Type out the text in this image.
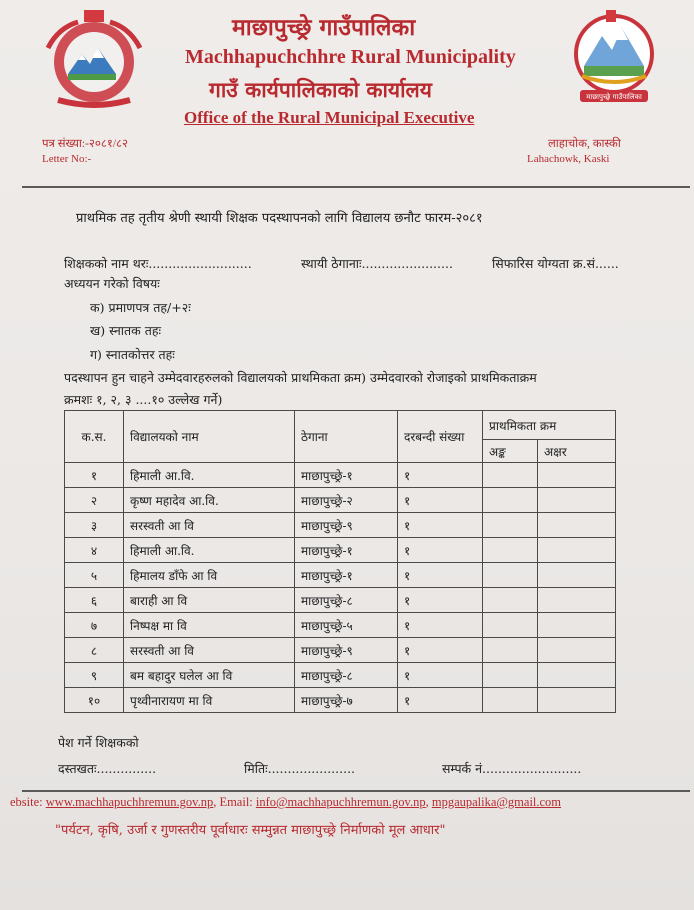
माछापुच्छ्रे गाउँपालिका
माछापुच्छ्रे गाउँपालिका
Machhapuchchhre Rural Municipality
गाउँ कार्यपालिकाको कार्यालय
Office of the Rural Municipal Executive
पत्र संख्या:-२०८१/८२
Letter No:-
लाहाचोक, कास्की
Lahachowk, Kaski
प्राथमिक तह तृतीय श्रेणी स्थायी शिक्षक पदस्थापनको लागि विद्यालय छनौट फारम-२०८१
शिक्षकको नाम थरः..........................	स्थायी ठेगानाः.......................	सिफारिस योग्यता क्र.सं......
अध्ययन गरेको विषयः
क) प्रमाणपत्र तह/+२ः
ख) स्नातक तहः
ग) स्नातकोत्तर तहः
पदस्थापन हुन चाहने उम्मेदवारहरुलको विद्यालयको प्राथमिकता क्रम) उम्मेदवारको रोजाइको प्राथमिकताक्रम
क्रमशः १, २, ३ ....१० उल्लेख गर्ने)
क.स.	विद्यालयको नाम	ठेगाना	दरबन्दी संख्या	प्राथमिकता क्रम	
				अङ्क	अक्षर
१	हिमाली आ.वि.	माछापुच्छ्रे-१	१		
२	कृष्ण महादेव आ.वि.	माछापुच्छ्रे-२	१		
३	सरस्वती आ वि	माछापुच्छ्रे-९	१		
४	हिमाली आ.वि.	माछापुच्छ्रे-१	१		
५	हिमालय डाँफे आ वि	माछापुच्छ्रे-१	१		
६	बाराही आ वि	माछापुच्छ्रे-८	१		
७	निष्पक्ष मा वि	माछापुच्छ्रे-५	१		
८	सरस्वती आ वि	माछापुच्छ्रे-९	१		
९	बम बहादुर घलेल आ वि	माछापुच्छ्रे-८	१		
१०	पृथ्वीनारायण मा वि	माछापुच्छ्रे-७	१		
पेश गर्ने शिक्षकको
दस्तखतः...............	मितिः......................	सम्पर्क नं.........................
ebsite: www.machhapuchhremun.gov.np, Email: info@machhapuchhremun.gov.np, mpgaupalika@gmail.com
"पर्यटन, कृषि, उर्जा र गुणस्तरीय पूर्वाधारः सम्मुन्नत माछापुच्छ्रे निर्माणको मूल आधार"
